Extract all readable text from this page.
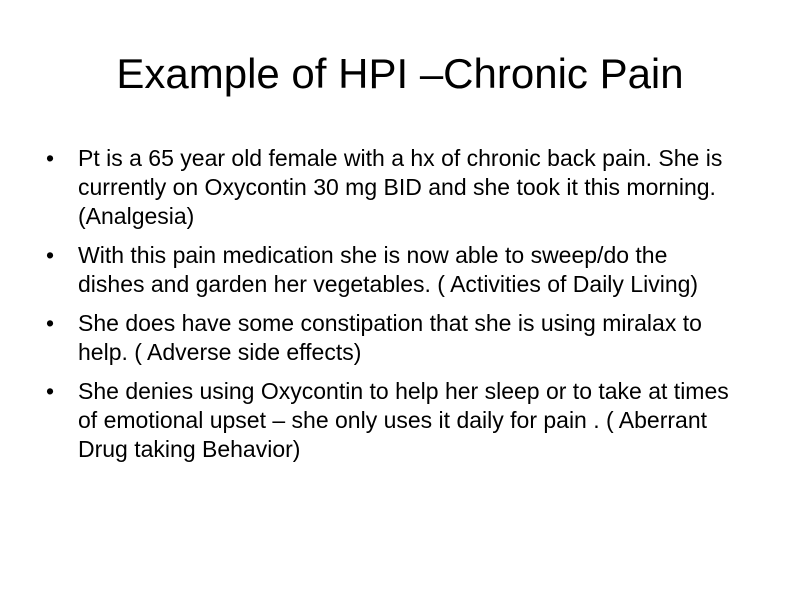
Example of HPI –Chronic Pain
• Pt is a 65 year old female with a hx of chronic back pain. She is currently on Oxycontin 30 mg BID and she took it this morning. (Analgesia)
• With this pain medication she is now able to sweep/do the dishes and garden her vegetables. ( Activities of Daily Living)
• She does have some constipation that she is using miralax to help. ( Adverse side effects)
• She denies using Oxycontin to help her sleep or to take at times of emotional upset – she only uses it daily for pain . ( Aberrant Drug taking Behavior)
